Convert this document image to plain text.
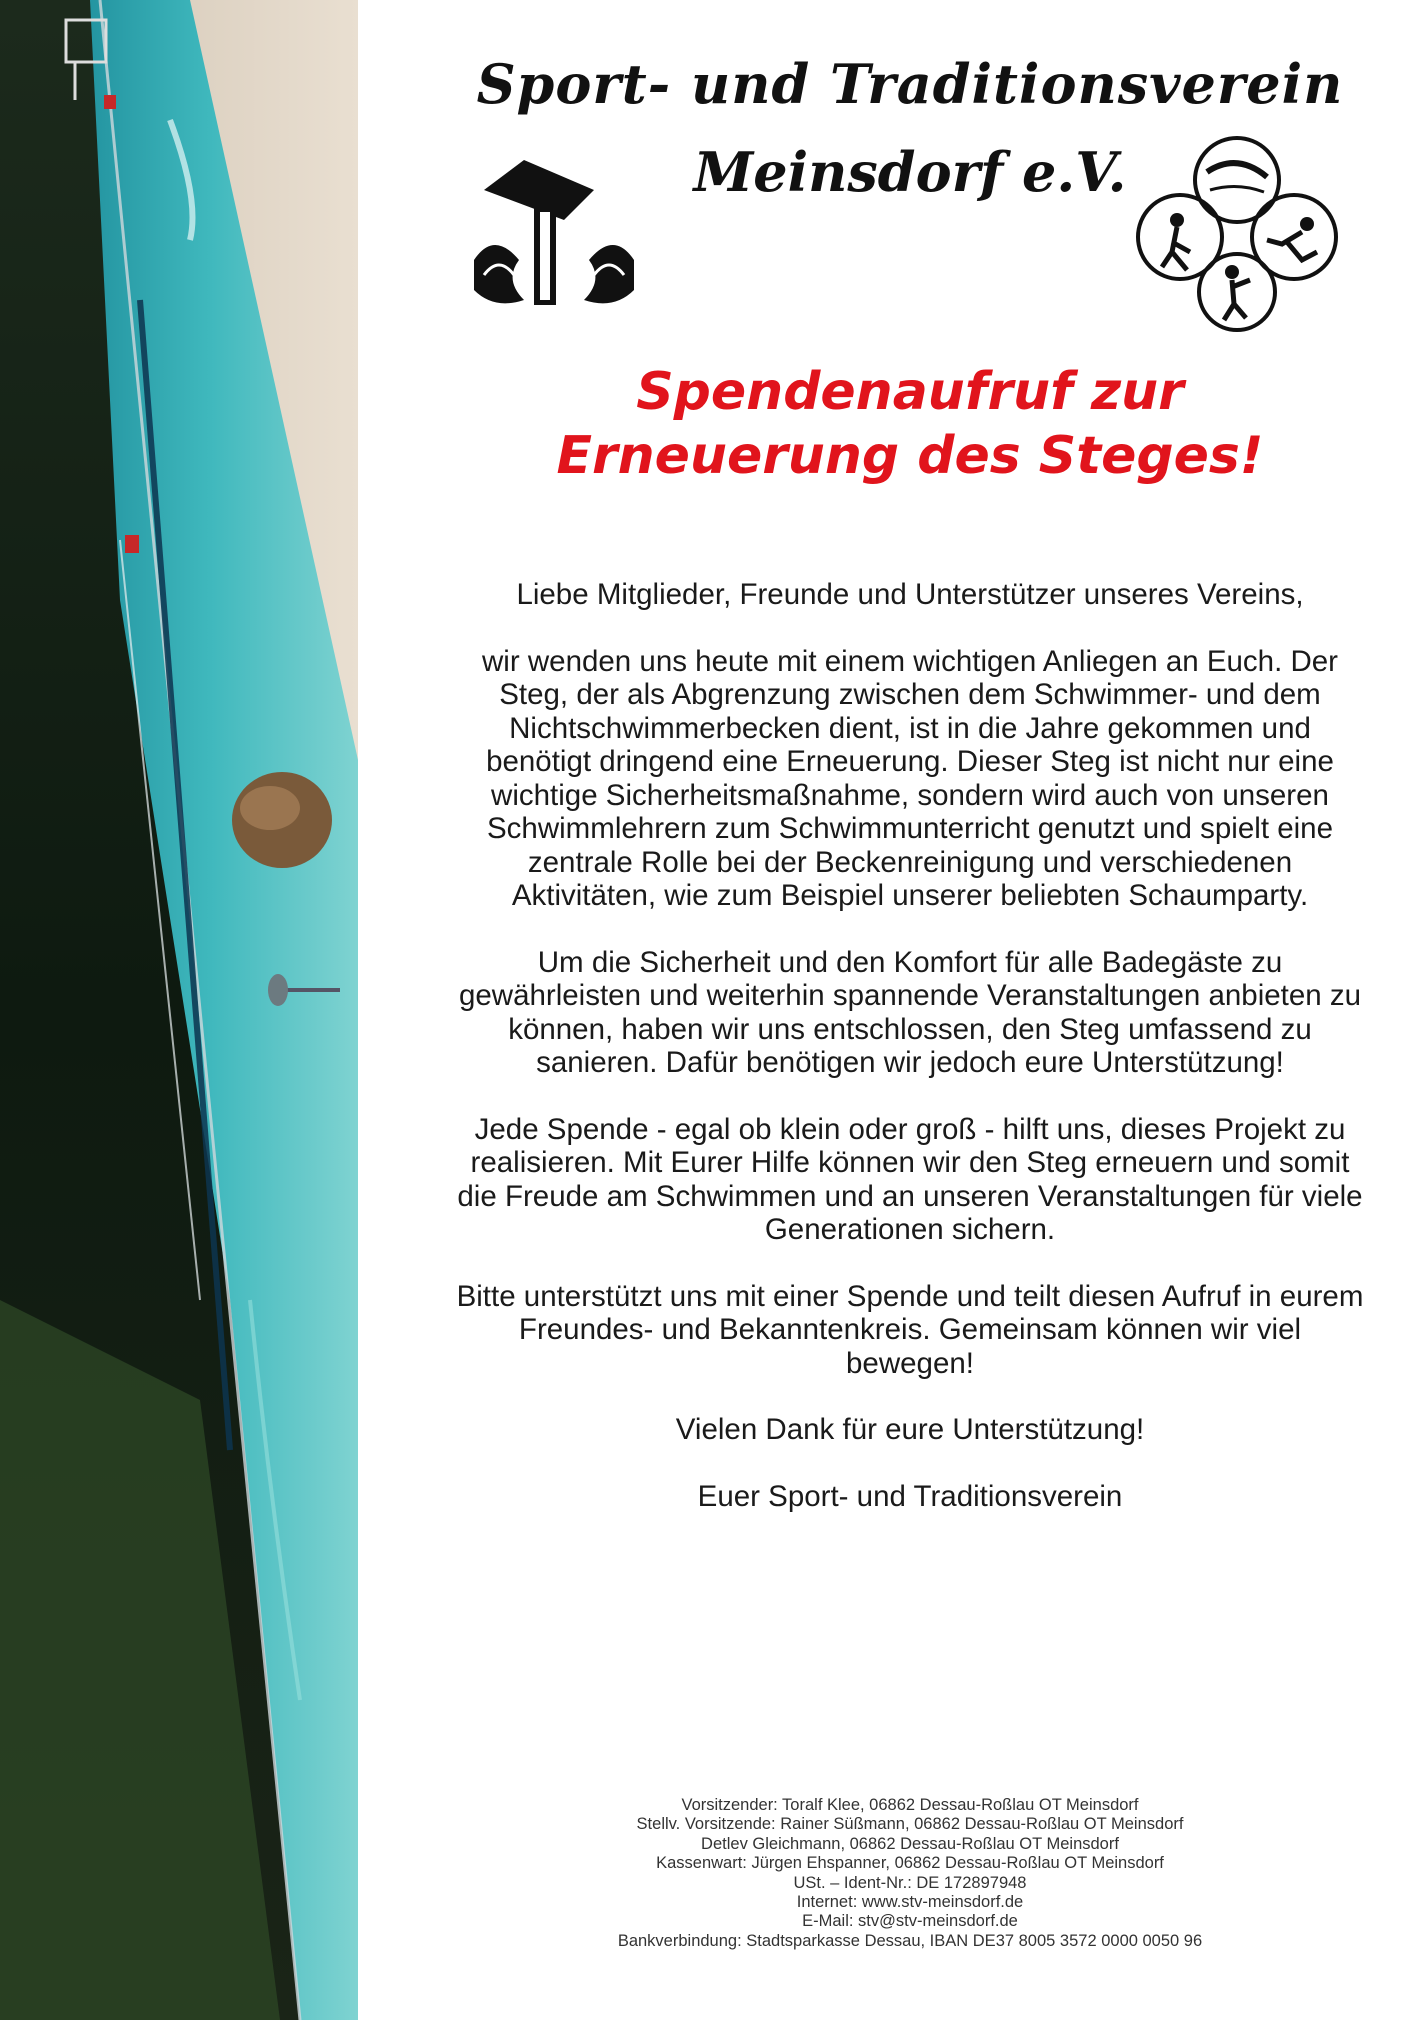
Sport- und Traditionsverein
Meinsdorf e.V.
Spendenaufruf zur
Erneuerung des Steges!

Liebe Mitglieder, Freunde und Unterstützer unseres Vereins,

wir wenden uns heute mit einem wichtigen Anliegen an Euch. Der Steg, der als Abgrenzung zwischen dem Schwimmer- und dem Nichtschwimmerbecken dient, ist in die Jahre gekommen und benötigt dringend eine Erneuerung. Dieser Steg ist nicht nur eine wichtige Sicherheitsmaßnahme, sondern wird auch von unseren Schwimmlehrern zum Schwimmunterricht genutzt und spielt eine zentrale Rolle bei der Beckenreinigung und verschiedenen Aktivitäten, wie zum Beispiel unserer beliebten Schaumparty.

Um die Sicherheit und den Komfort für alle Badegäste zu gewährleisten und weiterhin spannende Veranstaltungen anbieten zu können, haben wir uns entschlossen, den Steg umfassend zu sanieren. Dafür benötigen wir jedoch eure Unterstützung!

Jede Spende - egal ob klein oder groß - hilft uns, dieses Projekt zu realisieren. Mit Eurer Hilfe können wir den Steg erneuern und somit die Freude am Schwimmen und an unseren Veranstaltungen für viele Generationen sichern.

Bitte unterstützt uns mit einer Spende und teilt diesen Aufruf in eurem Freundes- und Bekanntenkreis. Gemeinsam können wir viel bewegen!

Vielen Dank für eure Unterstützung!

Euer Sport- und Traditionsverein

Vorsitzender: Toralf Klee, 06862 Dessau-Roßlau OT Meinsdorf
Stellv. Vorsitzende: Rainer Süßmann, 06862 Dessau-Roßlau OT Meinsdorf
Detlev Gleichmann, 06862 Dessau-Roßlau OT Meinsdorf
Kassenwart: Jürgen Ehspanner, 06862 Dessau-Roßlau OT Meinsdorf
USt. – Ident-Nr.: DE 172897948
Internet: www.stv-meinsdorf.de
E-Mail: stv@stv-meinsdorf.de
Bankverbindung: Stadtsparkasse Dessau, IBAN DE37 8005 3572 0000 0050 96
